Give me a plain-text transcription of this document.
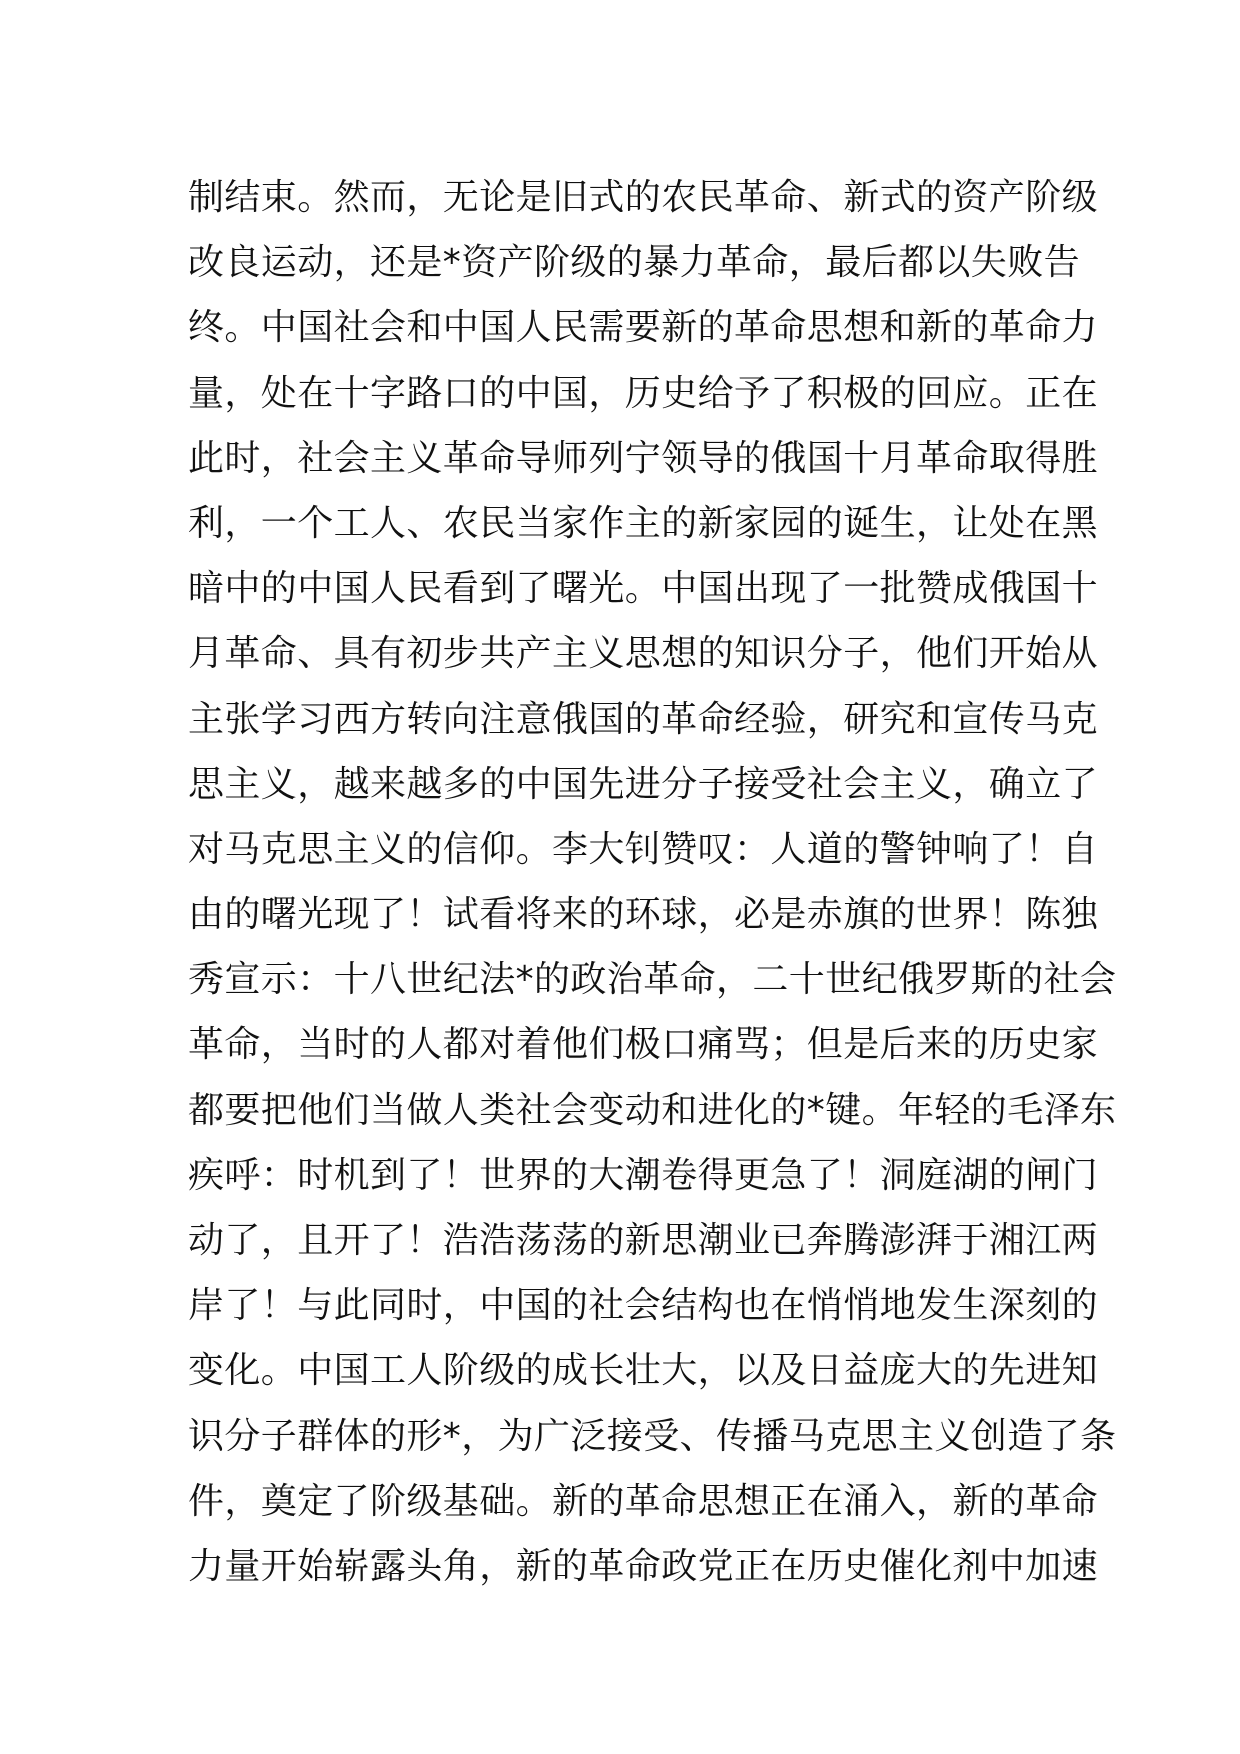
制结束。然而，无论是旧式的农民革命、新式的资产阶级
改良运动，还是*资产阶级的暴力革命，最后都以失败告
终。中国社会和中国人民需要新的革命思想和新的革命力
量，处在十字路口的中国，历史给予了积极的回应。正在
此时，社会主义革命导师列宁领导的俄国十月革命取得胜
利，一个工人、农民当家作主的新家园的诞生，让处在黑
暗中的中国人民看到了曙光。中国出现了一批赞成俄国十
月革命、具有初步共产主义思想的知识分子，他们开始从
主张学习西方转向注意俄国的革命经验，研究和宣传马克
思主义，越来越多的中国先进分子接受社会主义，确立了
对马克思主义的信仰。李大钊赞叹：人道的警钟响了！自
由的曙光现了！试看将来的环球，必是赤旗的世界！陈独
秀宣示：十八世纪法*的政治革命，二十世纪俄罗斯的社会
革命，当时的人都对着他们极口痛骂；但是后来的历史家
都要把他们当做人类社会变动和进化的*键。年轻的毛泽东
疾呼：时机到了！世界的大潮卷得更急了！洞庭湖的闸门
动了，且开了！浩浩荡荡的新思潮业已奔腾澎湃于湘江两
岸了！与此同时，中国的社会结构也在悄悄地发生深刻的
变化。中国工人阶级的成长壮大，以及日益庞大的先进知
识分子群体的形*，为广泛接受、传播马克思主义创造了条
件，奠定了阶级基础。新的革命思想正在涌入，新的革命
力量开始崭露头角，新的革命政党正在历史催化剂中加速
